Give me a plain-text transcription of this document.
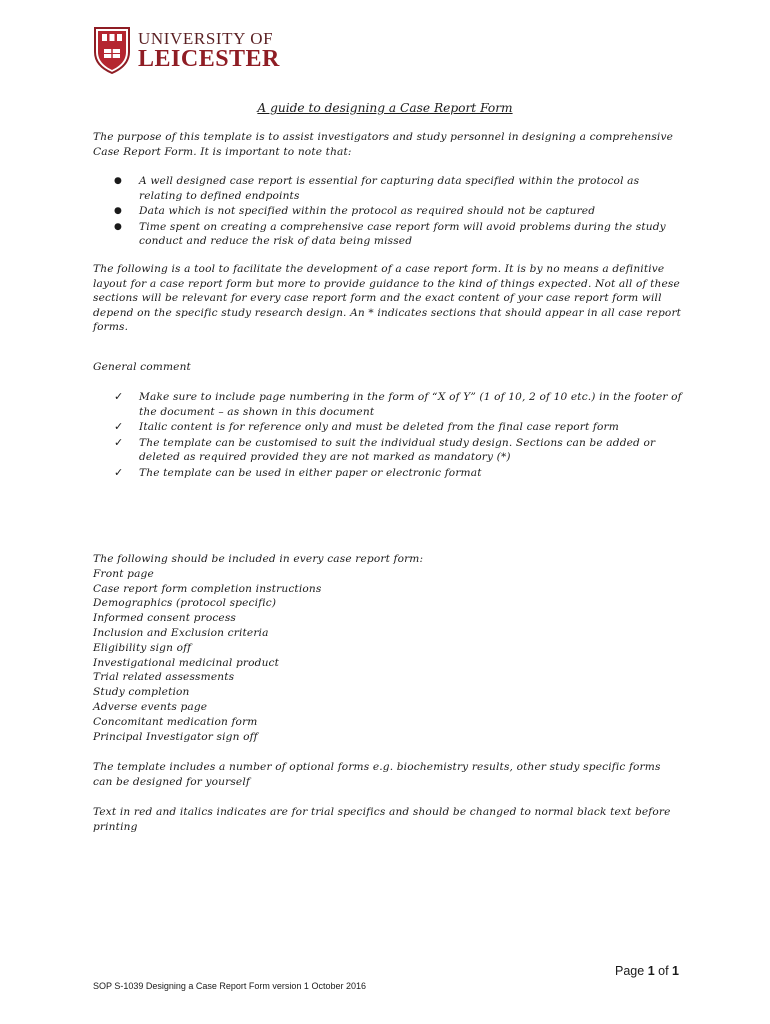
UNIVERSITY OF
LEICESTER
A guide to designing a Case Report Form
The purpose of this template is to assist investigators and study personnel in designing a comprehensive Case Report Form. It is important to note that:
● A well designed case report is essential for capturing data specified within the protocol as relating to defined endpoints
● Data which is not specified within the protocol as required should not be captured
● Time spent on creating a comprehensive case report form will avoid problems during the study conduct and reduce the risk of data being missed
The following is a tool to facilitate the development of a case report form. It is by no means a definitive layout for a case report form but more to provide guidance to the kind of things expected. Not all of these sections will be relevant for every case report form and the exact content of your case report form will depend on the specific study research design. An * indicates sections that should appear in all case report forms.
General comment
✓ Make sure to include page numbering in the form of “X of Y” (1 of 10, 2 of 10 etc.) in the footer of the document – as shown in this document
✓ Italic content is for reference only and must be deleted from the final case report form
✓ The template can be customised to suit the individual study design. Sections can be added or deleted as required provided they are not marked as mandatory (*)
✓ The template can be used in either paper or electronic format
The following should be included in every case report form:
Front page
Case report form completion instructions
Demographics (protocol specific)
Informed consent process
Inclusion and Exclusion criteria
Eligibility sign off
Investigational medicinal product
Trial related assessments
Study completion
Adverse events page
Concomitant medication form
Principal Investigator sign off
The template includes a number of optional forms e.g. biochemistry results, other study specific forms can be designed for yourself
Text in red and italics indicates are for trial specifics and should be changed to normal black text before printing
Page 1 of 1
SOP S-1039 Designing a Case Report Form version 1 October 2016
